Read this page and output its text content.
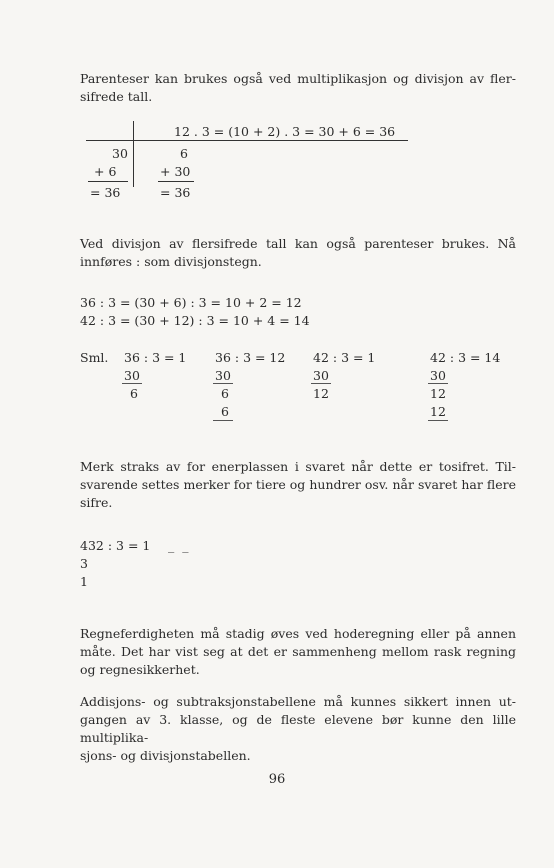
Parenteser kan brukes også ved multiplikasjon og divisjon av fler-
sifrede tall.
12 . 3 = (10 + 2) . 3 = 30 + 6 = 36
30
+ 6
= 36
6
+ 30
= 36
Ved divisjon av flersifrede tall kan også parenteser brukes. Nå
innføres : som divisjonstegn.
36 : 3 = (30 + 6) : 3 = 10 + 2 = 12
42 : 3 = (30 + 12) : 3 = 10 + 4 = 14
Sml. 36 : 3 = 1
30
6
36 : 3 = 12
30
6
6
42 : 3 = 1
30
12
42 : 3 = 14
30
12
12
Merk straks av for enerplassen i svaret når dette er tosifret. Til-
svarende settes merker for tiere og hundrer osv. når svaret har flere
sifre.
432 : 3 = 1 _ _
3
1
Regneferdigheten må stadig øves ved hoderegning eller på annen
måte. Det har vist seg at det er sammenheng mellom rask regning
og regnesikkerhet.
Addisjons- og subtraksjonstabellene må kunnes sikkert innen ut-
gangen av 3. klasse, og de fleste elevene bør kunne den lille multiplika-
sjons- og divisjonstabellen.
96
